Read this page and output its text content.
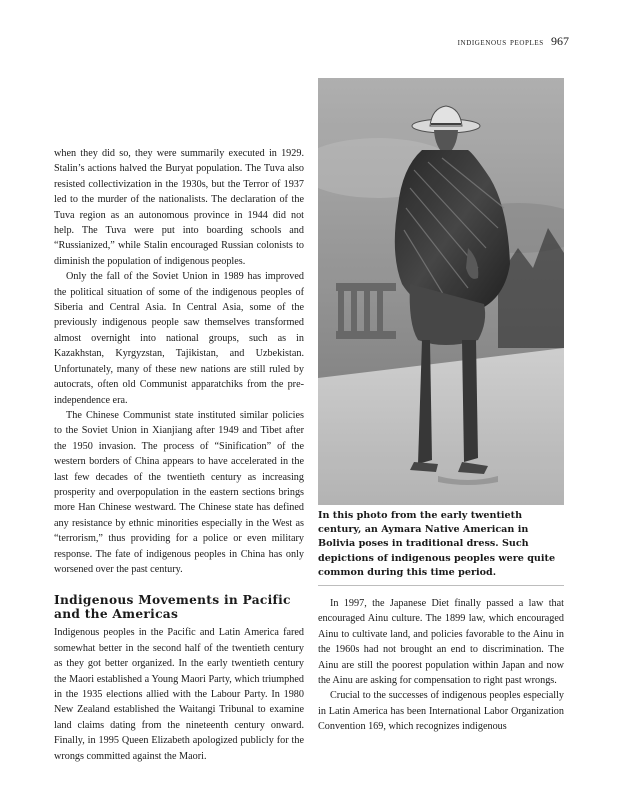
indigenous peoples 967

when they did so, they were summarily executed in 1929. Stalin’s actions halved the Buryat population. The Tuva also resisted collectivization in the 1930s, but the Terror of 1937 led to the murder of the nationalists. The declaration of the Tuva region as an autonomous province in 1944 did not help. The Tuva were put into boarding schools and “Russianized,” while Stalin encouraged Russian colonists to diminish the population of indigenous peoples.

Only the fall of the Soviet Union in 1989 has improved the political situation of some of the indigenous peoples of Siberia and Central Asia. In Central Asia, some of the previously indigenous people saw themselves transformed almost overnight into national groups, such as in Kazakhstan, Kyrgyzstan, Tajikistan, and Uzbekistan. Unfortunately, many of these new nations are still ruled by autocrats, often old Communist apparatchiks from the pre-independence era.

The Chinese Communist state instituted similar policies to the Soviet Union in Xianjiang after 1949 and Tibet after the 1950 invasion. The process of “Sinification” of the western borders of China appears to have accelerated in the last few decades of the twentieth century as increasing prosperity and overpopulation in the eastern sections brings more Han Chinese westward. The Chinese state has defined any resistance by ethnic minorities especially in the West as “terrorism,” thus providing for a police or even military response. The fate of indigenous peoples in China has only worsened over the past century.

Indigenous Movements in Pacific and the Americas

Indigenous peoples in the Pacific and Latin America fared somewhat better in the second half of the twentieth century as they got better organized. In the early twentieth century the Maori established a Young Maori Party, which triumphed in the 1935 elections allied with the Labour Party. In 1980 New Zealand established the Waitangi Tribunal to examine land claims dating from the nineteenth century onward. Finally, in 1995 Queen Elizabeth apologized publicly for the wrongs committed against the Maori.

In this photo from the early twentieth century, an Aymara Native American in Bolivia poses in traditional dress. Such depictions of indigenous peoples were quite common during this time period.

In 1997, the Japanese Diet finally passed a law that encouraged Ainu culture. The 1899 law, which encouraged Ainu to cultivate land, and policies favorable to the Ainu in the 1960s had not brought an end to discrimination. The Ainu are still the poorest population within Japan and now the Ainu are asking for compensation to right past wrongs.

Crucial to the successes of indigenous peoples especially in Latin America has been International Labor Organization Convention 169, which recognizes indigenous
